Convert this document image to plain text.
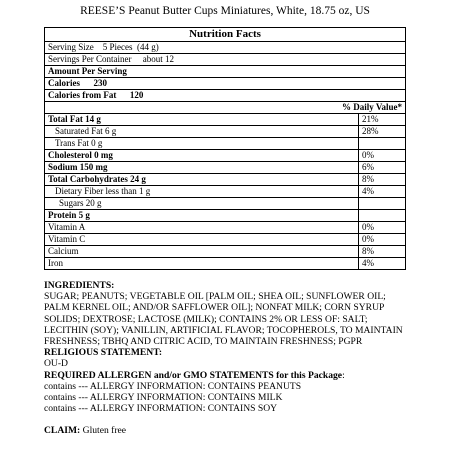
REESE’S Peanut Butter Cups Miniatures, White, 18.75 oz, US
Nutrition Facts	
Serving Size    5 Pieces  (44 g)	
Servings Per Container     about 12	
Amount Per Serving	
Calories      230	
Calories from Fat      120	
% Daily Value*	
Total Fat 14 g	21%
Saturated Fat 6 g	28%
Trans Fat 0 g	
Cholesterol 0 mg	0%
Sodium 150 mg	6%
Total Carbohydrates 24 g	8%
Dietary Fiber less than 1 g	4%
Sugars 20 g	
Protein 5 g	
Vitamin A	0%
Vitamin C	0%
Calcium	8%
Iron	4%

INGREDIENTS:

SUGAR; PEANUTS; VEGETABLE OIL [PALM OIL; SHEA OIL; SUNFLOWER OIL; PALM KERNEL OIL; AND/OR SAFFLOWER OIL]; NONFAT MILK; CORN SYRUP SOLIDS; DEXTROSE; LACTOSE (MILK); CONTAINS 2% OR LESS OF: SALT; LECITHIN (SOY); VANILLIN, ARTIFICIAL FLAVOR; TOCOPHEROLS, TO MAINTAIN FRESHNESS; TBHQ AND CITRIC ACID, TO MAINTAIN FRESHNESS; PGPR

RELIGIOUS STATEMENT:

OU-D

REQUIRED ALLERGEN and/or GMO STATEMENTS for this Package:

contains --- ALLERGY INFORMATION: CONTAINS PEANUTS

contains --- ALLERGY INFORMATION: CONTAINS MILK

contains --- ALLERGY INFORMATION: CONTAINS SOY

CLAIM: Gluten free
